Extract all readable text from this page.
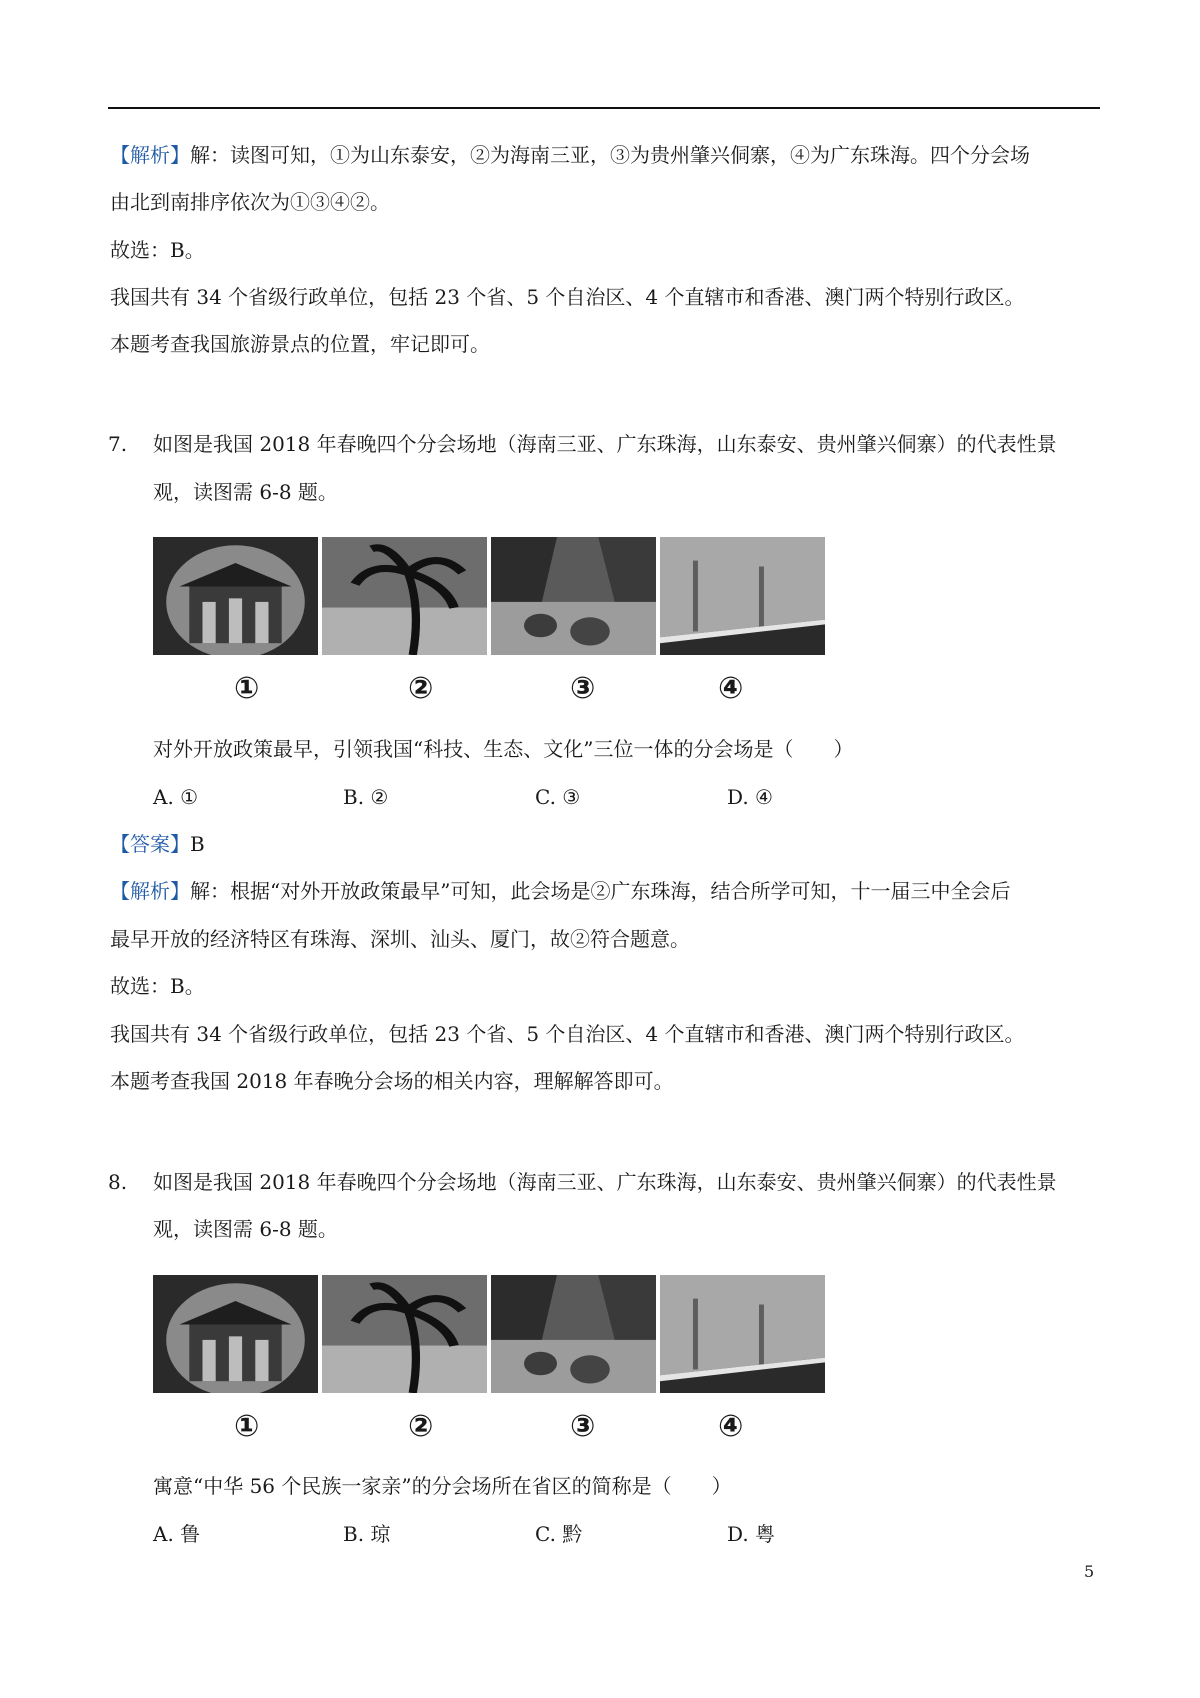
【解析】解：读图可知，①为山东泰安，②为海南三亚，③为贵州肇兴侗寨，④为广东珠海。四个分会场
由北到南排序依次为①③④②。
故选：B。
我国共有 34 个省级行政单位，包括 23 个省、5 个自治区、4 个直辖市和香港、澳门两个特别行政区。
本题考查我国旅游景点的位置，牢记即可。
7. 如图是我国 2018 年春晚四个分会场地（海南三亚、广东珠海，山东泰安、贵州肇兴侗寨）的代表性景
观，读图需 6-8 题。
①	②	③	④
对外开放政策最早，引领我国“科技、生态、文化”三位一体的分会场是（　　）
A. ①	B. ②	C. ③	D. ④
【答案】B
【解析】解：根据“对外开放政策最早”可知，此会场是②广东珠海，结合所学可知，十一届三中全会后
最早开放的经济特区有珠海、深圳、汕头、厦门，故②符合题意。
故选：B。
我国共有 34 个省级行政单位，包括 23 个省、5 个自治区、4 个直辖市和香港、澳门两个特别行政区。
本题考查我国 2018 年春晚分会场的相关内容，理解解答即可。
8. 如图是我国 2018 年春晚四个分会场地（海南三亚、广东珠海，山东泰安、贵州肇兴侗寨）的代表性景
观，读图需 6-8 题。
①	②	③	④
寓意“中华 56 个民族一家亲”的分会场所在省区的简称是（　　）
A. 鲁	B. 琼	C. 黔	D. 粤
5
